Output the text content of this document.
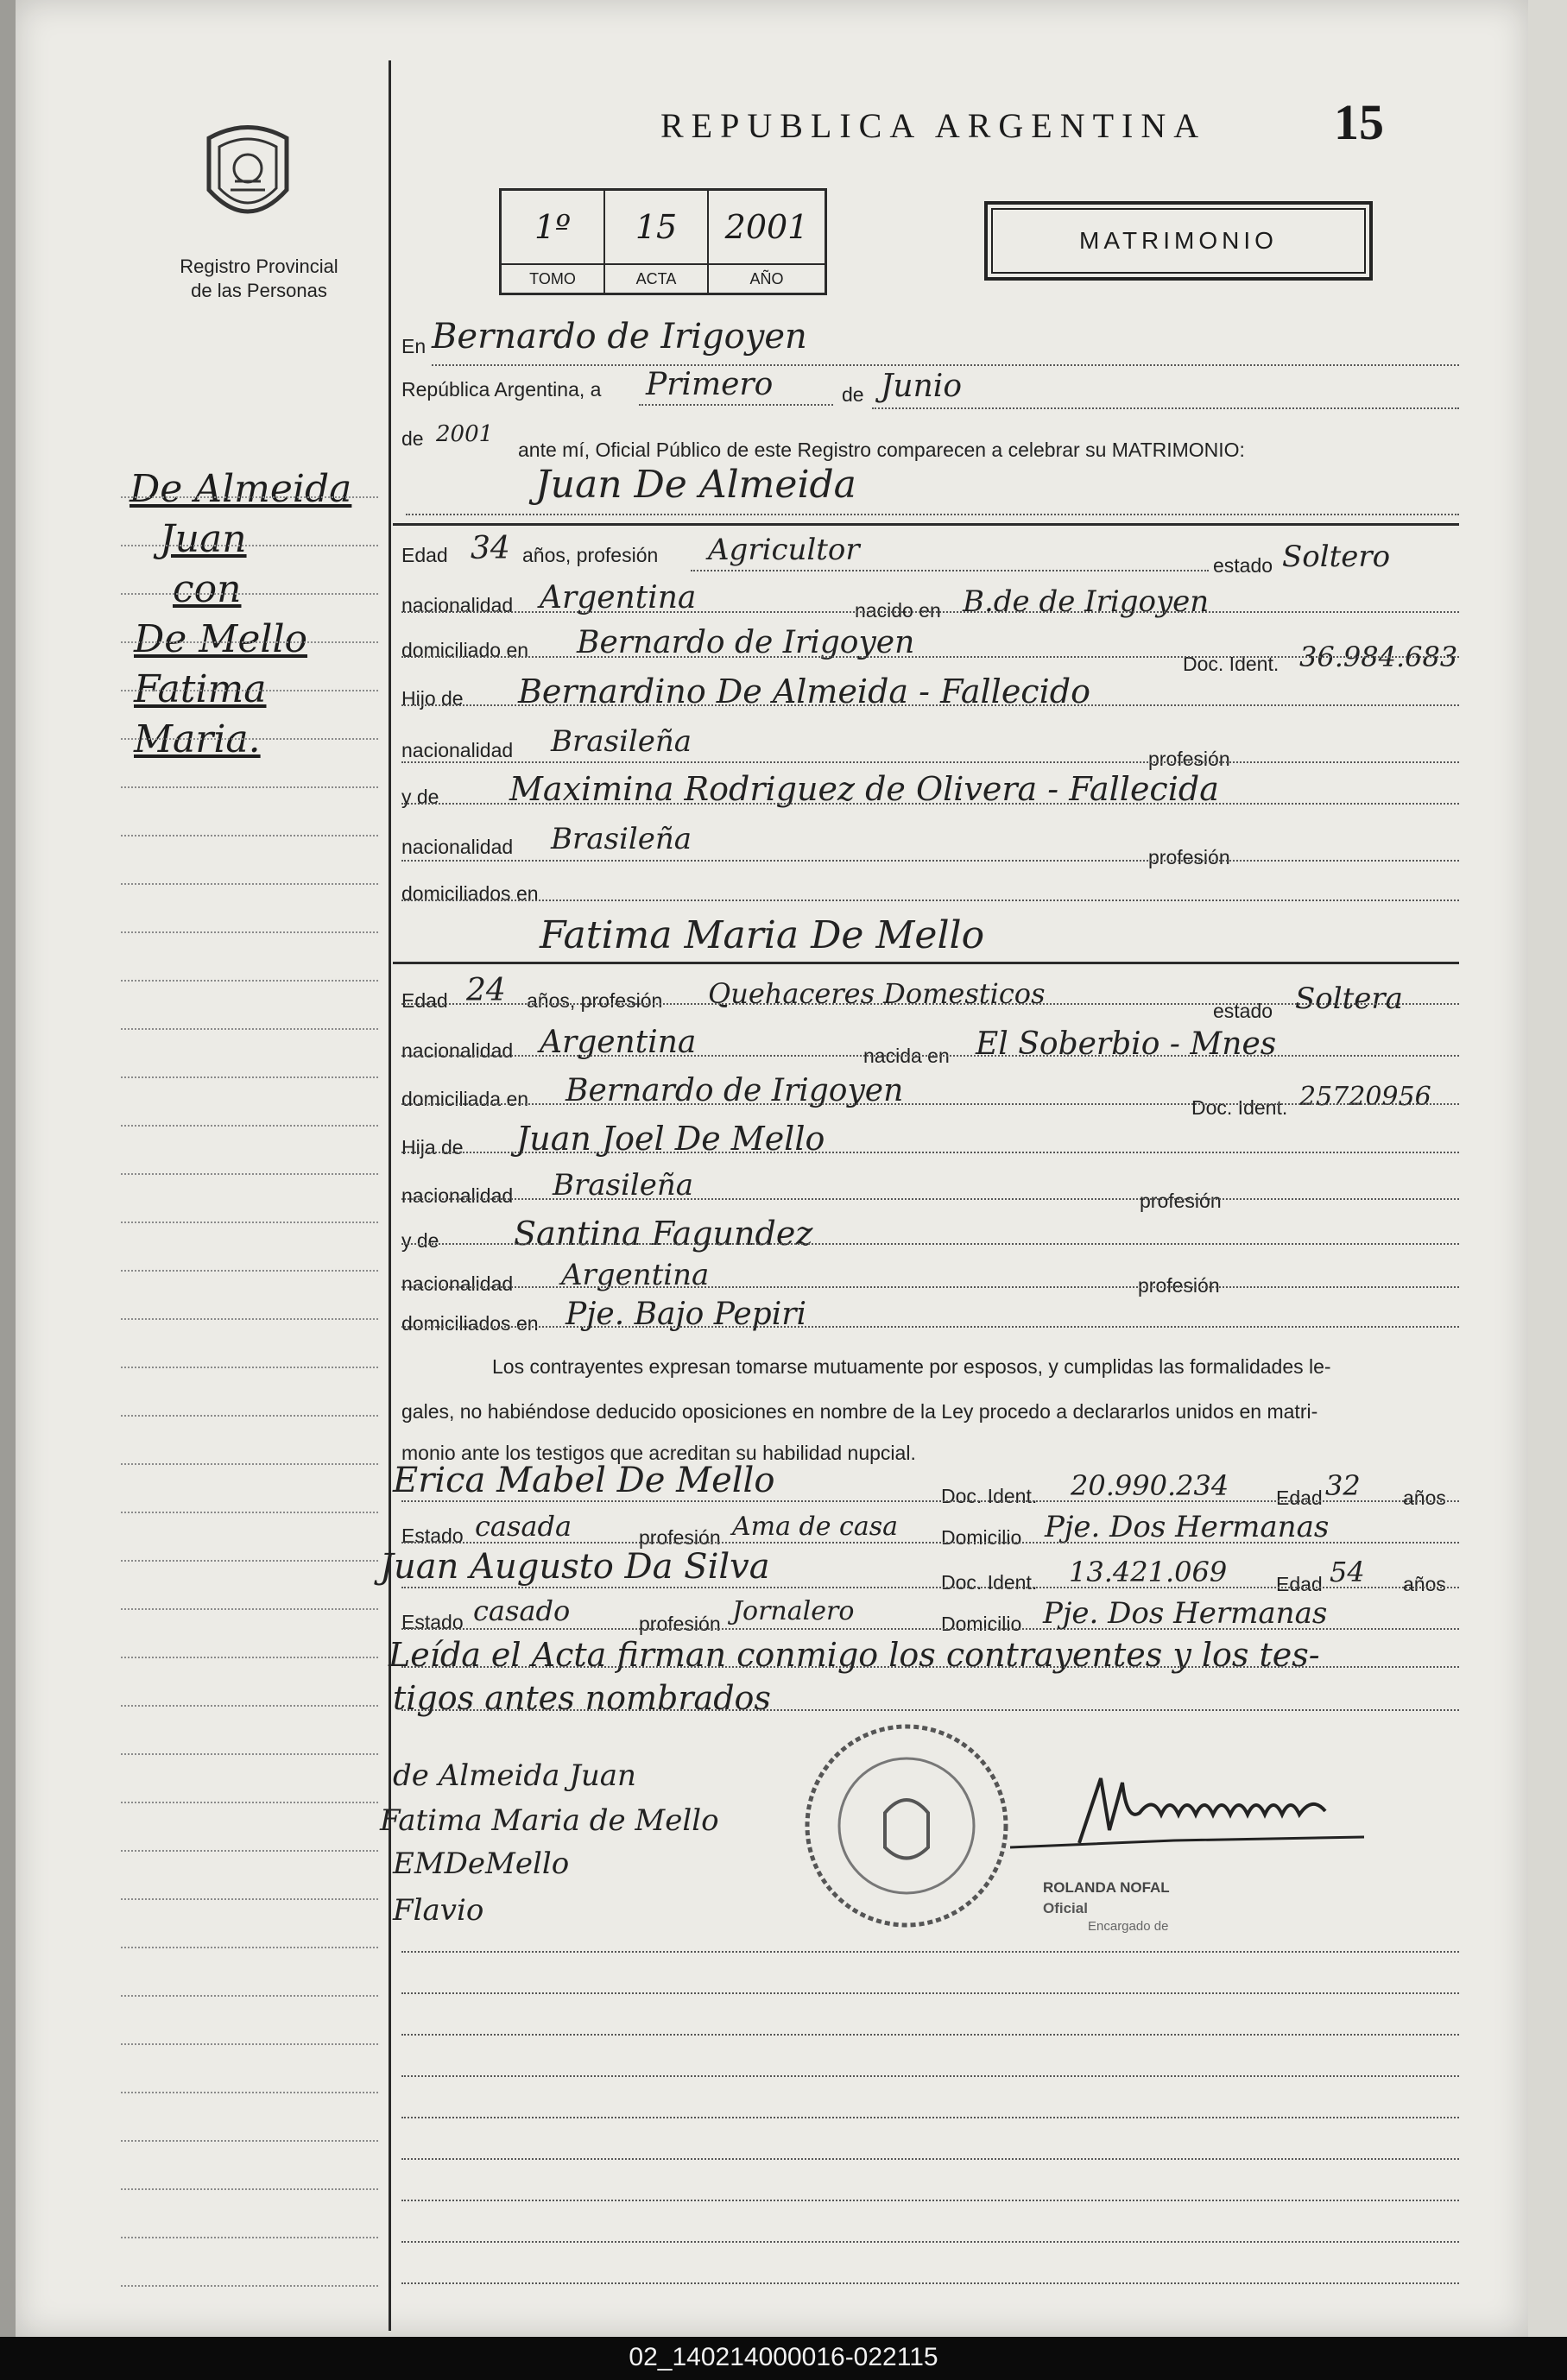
Registro Provincial
de las Personas
REPUBLICA ARGENTINA	15
1º
TOMO
15
ACTA
2001
AÑO
MATRIMONIO
De Almeida
Juan
con
De Mello
Fatima
Maria.
En Bernardo de Irigoyen
República Argentina, a Primero	de Junio
de 2001
ante mí, Oficial Público de este Registro comparecen a celebrar su MATRIMONIO:
Juan De Almeida
Edad 34 años, profesión Agricultor	estado Soltero
nacionalidad Argentina	nacido en B.de de Irigoyen
domiciliado en Bernardo de Irigoyen
Doc. Ident. 36.984.683
Hijo de Bernardino De Almeida - Fallecido
nacionalidad Brasileña	profesión
y de Maximina Rodriguez de Olivera - Fallecida
nacionalidad Brasileña
profesión
domiciliados en
Fatima Maria De Mello
Edad 24 años, profesión Quehaceres Domesticos
estado Soltera
nacionalidad Argentina	nacida en El Soberbio - Mnes
domiciliada en Bernardo de Irigoyen	Doc. Ident. 25720956
Hija de Juan Joel De Mello
nacionalidad Brasileña	profesión
y de Santina Fagundez
nacionalidad Argentina	profesión
domiciliados en Pje. Bajo Pepiri
Los contrayentes expresan tomarse mutuamente por esposos, y cumplidas las formalidades le-
gales, no habiéndose deducido oposiciones en nombre de la Ley procedo a declararlos unidos en matri-
monio ante los testigos que acreditan su habilidad nupcial.
Erica Mabel De Mello	Doc. Ident. 20.990.234 Edad 32 años
Estado casada	profesión Ama de casa Domicilio Pje. Dos Hermanas
Juan Augusto Da Silva	Doc. Ident. 13.421.069 Edad 54 años
Estado casado	profesión Jornalero	Domicilio Pje. Dos Hermanas
Leída el Acta firman conmigo los contrayentes y los tes-
tigos antes nombrados
de Almeida Juan
Fatima Maria de Mello
EMDeMello
Flavio
ROLANDA NOFAL
Oficial
Encargado de
02_140214000016-022115
